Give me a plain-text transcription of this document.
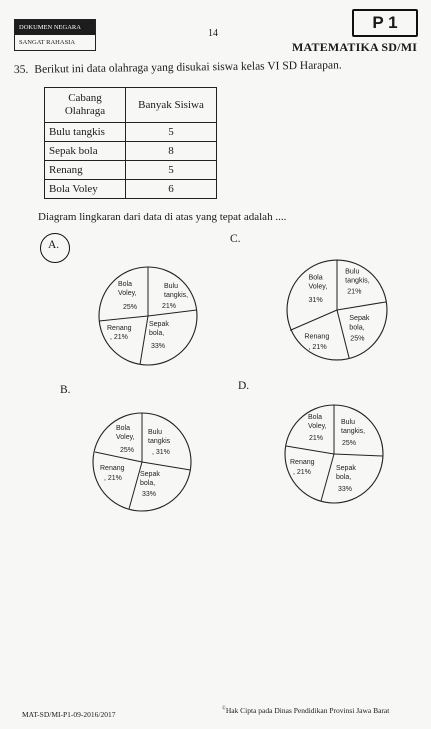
DOKUMEN NEGARA
SANGAT RAHASIA
14
P 1
MATEMATIKA SD/MI
35. Berikut ini data olahraga yang disukai siswa kelas VI SD Harapan.
Cabang
Olahraga	Banyak Sisiwa
Bulu tangkis	5
Sepak bola	8
Renang	5
Bola Voley	6
Diagram lingkaran dari data di atas yang tepat adalah ....
A.
B.
C.
D.
Bola Voley,
25%
Bulu tangkis,
21%
Sepak bola,
33%
Renang
, 21%
Bola Voley,
25%
Bulu tangkis
, 31%
Sepak bola,
33%
Renang
, 21%
Bola Voley,
31%
Bulu tangkis,
21%
Sepak bola,
25%
Renang
, 21%
Bola Voley,
21%
Bulu tangkis,
25%
Sepak bola,
33%
Renang
, 21%
MAT-SD/MI-P1-09-2016/2017
©Hak Cipta pada Dinas Pendidikan Provinsi Jawa Barat
